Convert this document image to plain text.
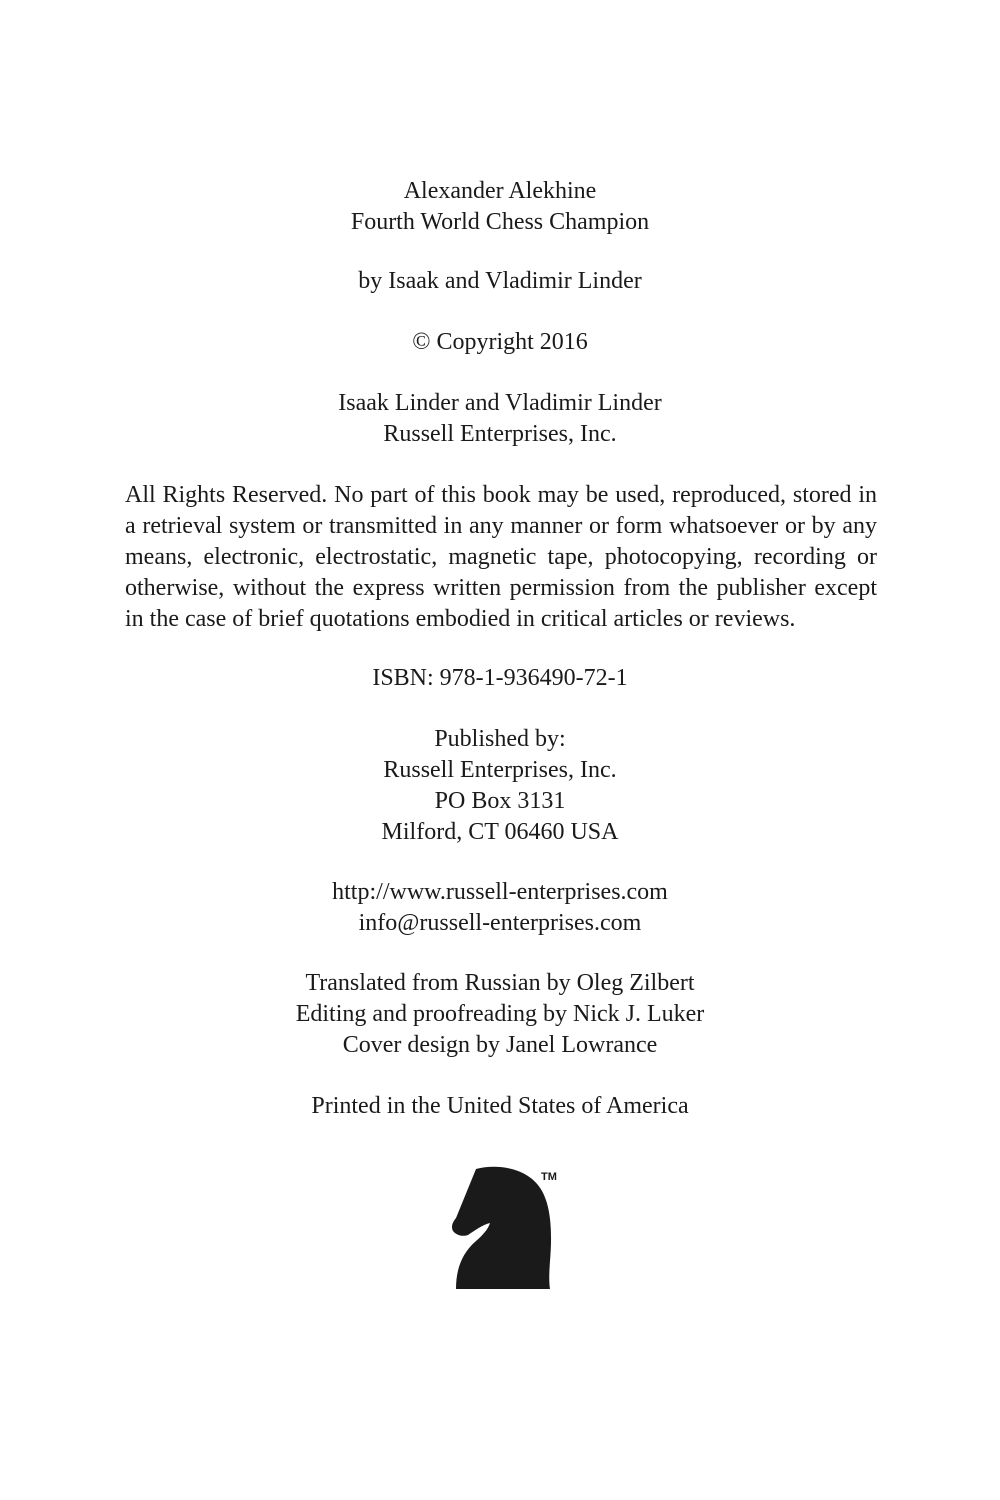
Alexander Alekhine
Fourth World Chess Champion
by Isaak and Vladimir Linder
© Copyright 2016
Isaak Linder and Vladimir Linder
Russell Enterprises, Inc.
All Rights Reserved. No part of this book may be used, reproduced, stored in
a retrieval system or transmitted in any manner or form whatsoever or by any
means, electronic, electrostatic, magnetic tape, photocopying, recording or
otherwise, without the express written permission from the publisher except
in the case of brief quotations embodied in critical articles or reviews.
ISBN: 978-1-936490-72-1
Published by:
Russell Enterprises, Inc.
PO Box 3131
Milford, CT 06460 USA
http://www.russell-enterprises.com
info@russell-enterprises.com
Translated from Russian by Oleg Zilbert
Editing and proofreading by Nick J. Luker
Cover design by Janel Lowrance
Printed in the United States of America
TM
